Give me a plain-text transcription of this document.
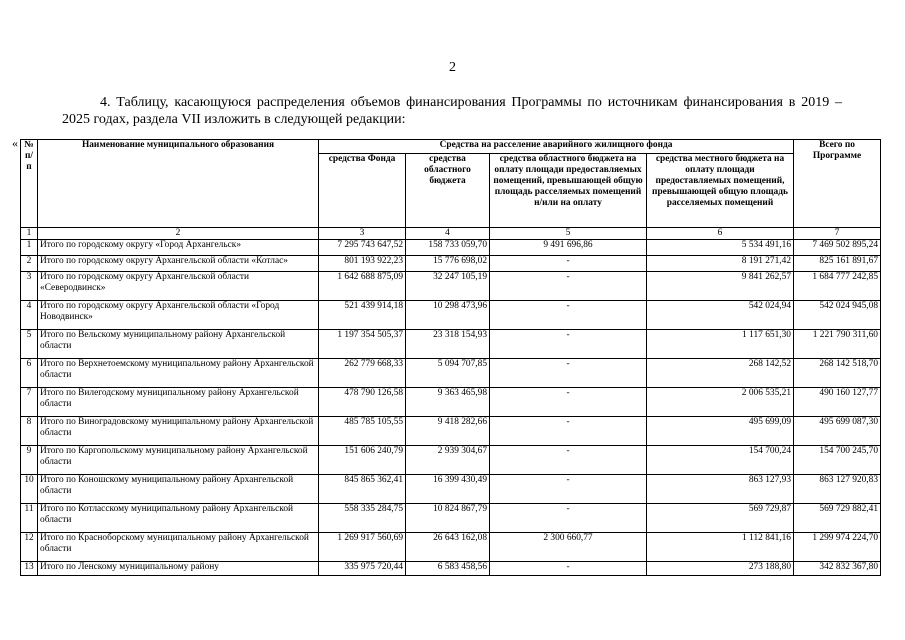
2
4. Таблицу, касающуюся распределения объемов финансирования Программы по источникам финансирования в 2019 – 2025 годах, раздела VII изложить в следующей редакции:
« № п/п	Наименование муниципального образования	Средства на расселение аварийного жилищного фонда				Всего по Программе
		средства Фонда	средства областного бюджета	средства областного бюджета на оплату площади предоставляемых помещений, превышающей общую площадь расселяемых помещений н/или на оплату	средства местного бюджета на оплату площади предоставляемых помещений, превышающей общую площадь расселяемых помещений	
1	2	3	4	5	6	7
1	Итого по городскому округу «Город Архангельск»	7 295 743 647,52	158 733 059,70	9 491 696,86	5 534 491,16	7 469 502 895,24
2	Итого по городскому округу Архангельской области «Котлас»	801 193 922,23	15 776 698,02	-	8 191 271,42	825 161 891,67
3	Итого по городскому округу Архангельской области «Северодвинск»	1 642 688 875,09	32 247 105,19	-	9 841 262,57	1 684 777 242,85
4	Итого по городскому округу Архангельской области «Город Новодвинск»	521 439 914,18	10 298 473,96	-	542 024,94	542 024 945,08
5	Итого по Вельскому муниципальному району Архангельской области	1 197 354 505,37	23 318 154,93	-	1 117 651,30	1 221 790 311,60
6	Итого по Верхнетоемскому муниципальному району Архангельской области	262 779 668,33	5 094 707,85	-	268 142,52	268 142 518,70
7	Итого по Вилегодскому муниципальному району Архангельской области	478 790 126,58	9 363 465,98	-	2 006 535,21	490 160 127,77
8	Итого по Виноградовскому муниципальному району Архангельской области	485 785 105,55	9 418 282,66	-	495 699,09	495 699 087,30
9	Итого по Каргопольскому муниципальному району Архангельской области	151 606 240,79	2 939 304,67	-	154 700,24	154 700 245,70
10	Итого по Коношскому муниципальному району Архангельской области	845 865 362,41	16 399 430,49	-	863 127,93	863 127 920,83
11	Итого по Котласскому муниципальному району Архангельской области	558 335 284,75	10 824 867,79	-	569 729,87	569 729 882,41
12	Итого по Красноборскому муниципальному району Архангельской области	1 269 917 560,69	26 643 162,08	2 300 660,77	1 112 841,16	1 299 974 224,70
13	Итого по Ленскому муниципальному району	335 975 720,44	6 583 458,56	-	273 188,80	342 832 367,80
